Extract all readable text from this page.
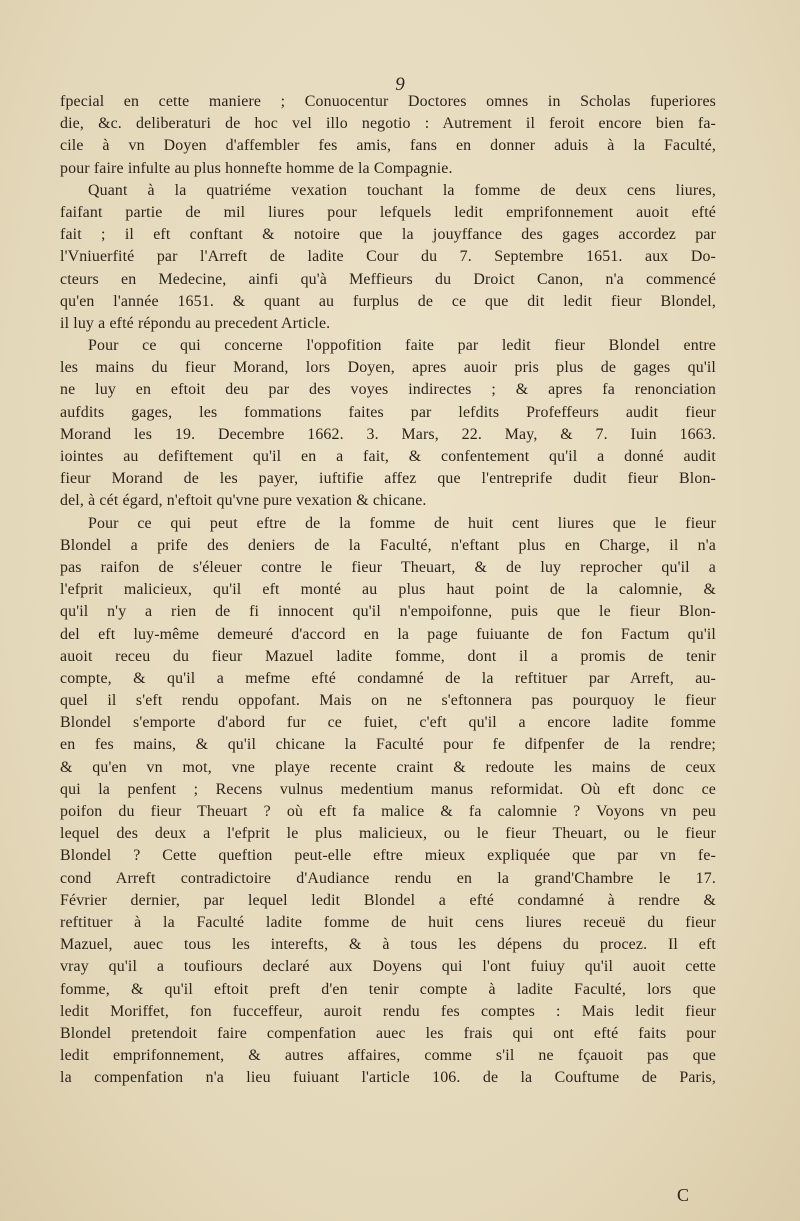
9
fpecial en cette maniere ; Conuocentur Doctores omnes in Scholas fuperiores
die, &c. deliberaturi de hoc vel illo negotio : Autrement il feroit encore bien fa-
cile à vn Doyen d'affembler fes amis, fans en donner aduis à la Faculté,
pour faire infulte au plus honnefte homme de la Compagnie.
Quant à la quatriéme vexation touchant la fomme de deux cens liures,
faifant partie de mil liures pour lefquels ledit emprifonnement auoit efté
fait ; il eft conftant & notoire que la jouyffance des gages accordez par
l'Vniuerfité par l'Arreft de ladite Cour du 7. Septembre 1651. aux Do-
cteurs en Medecine, ainfi qu'à Meffieurs du Droict Canon, n'a commencé
qu'en l'année 1651. & quant au furplus de ce que dit ledit fieur Blondel,
il luy a efté répondu au precedent Article.
Pour ce qui concerne l'oppofition faite par ledit fieur Blondel entre
les mains du fieur Morand, lors Doyen, apres auoir pris plus de gages qu'il
ne luy en eftoit deu par des voyes indirectes ; & apres fa renonciation
aufdits gages, les fommations faites par lefdits Profeffeurs audit fieur
Morand les 19. Decembre 1662. 3. Mars, 22. May, & 7. Iuin 1663.
iointes au defiftement qu'il en a fait, & confentement qu'il a donné audit
fieur Morand de les payer, iuftifie affez que l'entreprife dudit fieur Blon-
del, à cét égard, n'eftoit qu'vne pure vexation & chicane.
Pour ce qui peut eftre de la fomme de huit cent liures que le fieur
Blondel a prife des deniers de la Faculté, n'eftant plus en Charge, il n'a
pas raifon de s'éleuer contre le fieur Theuart, & de luy reprocher qu'il a
l'efprit malicieux, qu'il eft monté au plus haut point de la calomnie, &
qu'il n'y a rien de fi innocent qu'il n'empoifonne, puis que le fieur Blon-
del eft luy-même demeuré d'accord en la page fuiuante de fon Factum qu'il
auoit receu du fieur Mazuel ladite fomme, dont il a promis de tenir
compte, & qu'il a mefme efté condamné de la reftituer par Arreft, au-
quel il s'eft rendu oppofant. Mais on ne s'eftonnera pas pourquoy le fieur
Blondel s'emporte d'abord fur ce fuiet, c'eft qu'il a encore ladite fomme
en fes mains, & qu'il chicane la Faculté pour fe difpenfer de la rendre;
& qu'en vn mot, vne playe recente craint & redoute les mains de ceux
qui la penfent ; Recens vulnus medentium manus reformidat. Où eft donc ce
poifon du fieur Theuart ? où eft fa malice & fa calomnie ? Voyons vn peu
lequel des deux a l'efprit le plus malicieux, ou le fieur Theuart, ou le fieur
Blondel ? Cette queftion peut-elle eftre mieux expliquée que par vn fe-
cond Arreft contradictoire d'Audiance rendu en la grand'Chambre le 17.
Février dernier, par lequel ledit Blondel a efté condamné à rendre &
reftituer à la Faculté ladite fomme de huit cens liures receuë du fieur
Mazuel, auec tous les interefts, & à tous les dépens du procez. Il eft
vray qu'il a toufiours declaré aux Doyens qui l'ont fuiuy qu'il auoit cette
fomme, & qu'il eftoit preft d'en tenir compte à ladite Faculté, lors que
ledit Moriffet, fon fucceffeur, auroit rendu fes comptes : Mais ledit fieur
Blondel pretendoit faire compenfation auec les frais qui ont efté faits pour
ledit emprifonnement, & autres affaires, comme s'il ne fçauoit pas que
la compenfation n'a lieu fuiuant l'article 106. de la Couftume de Paris,
C
